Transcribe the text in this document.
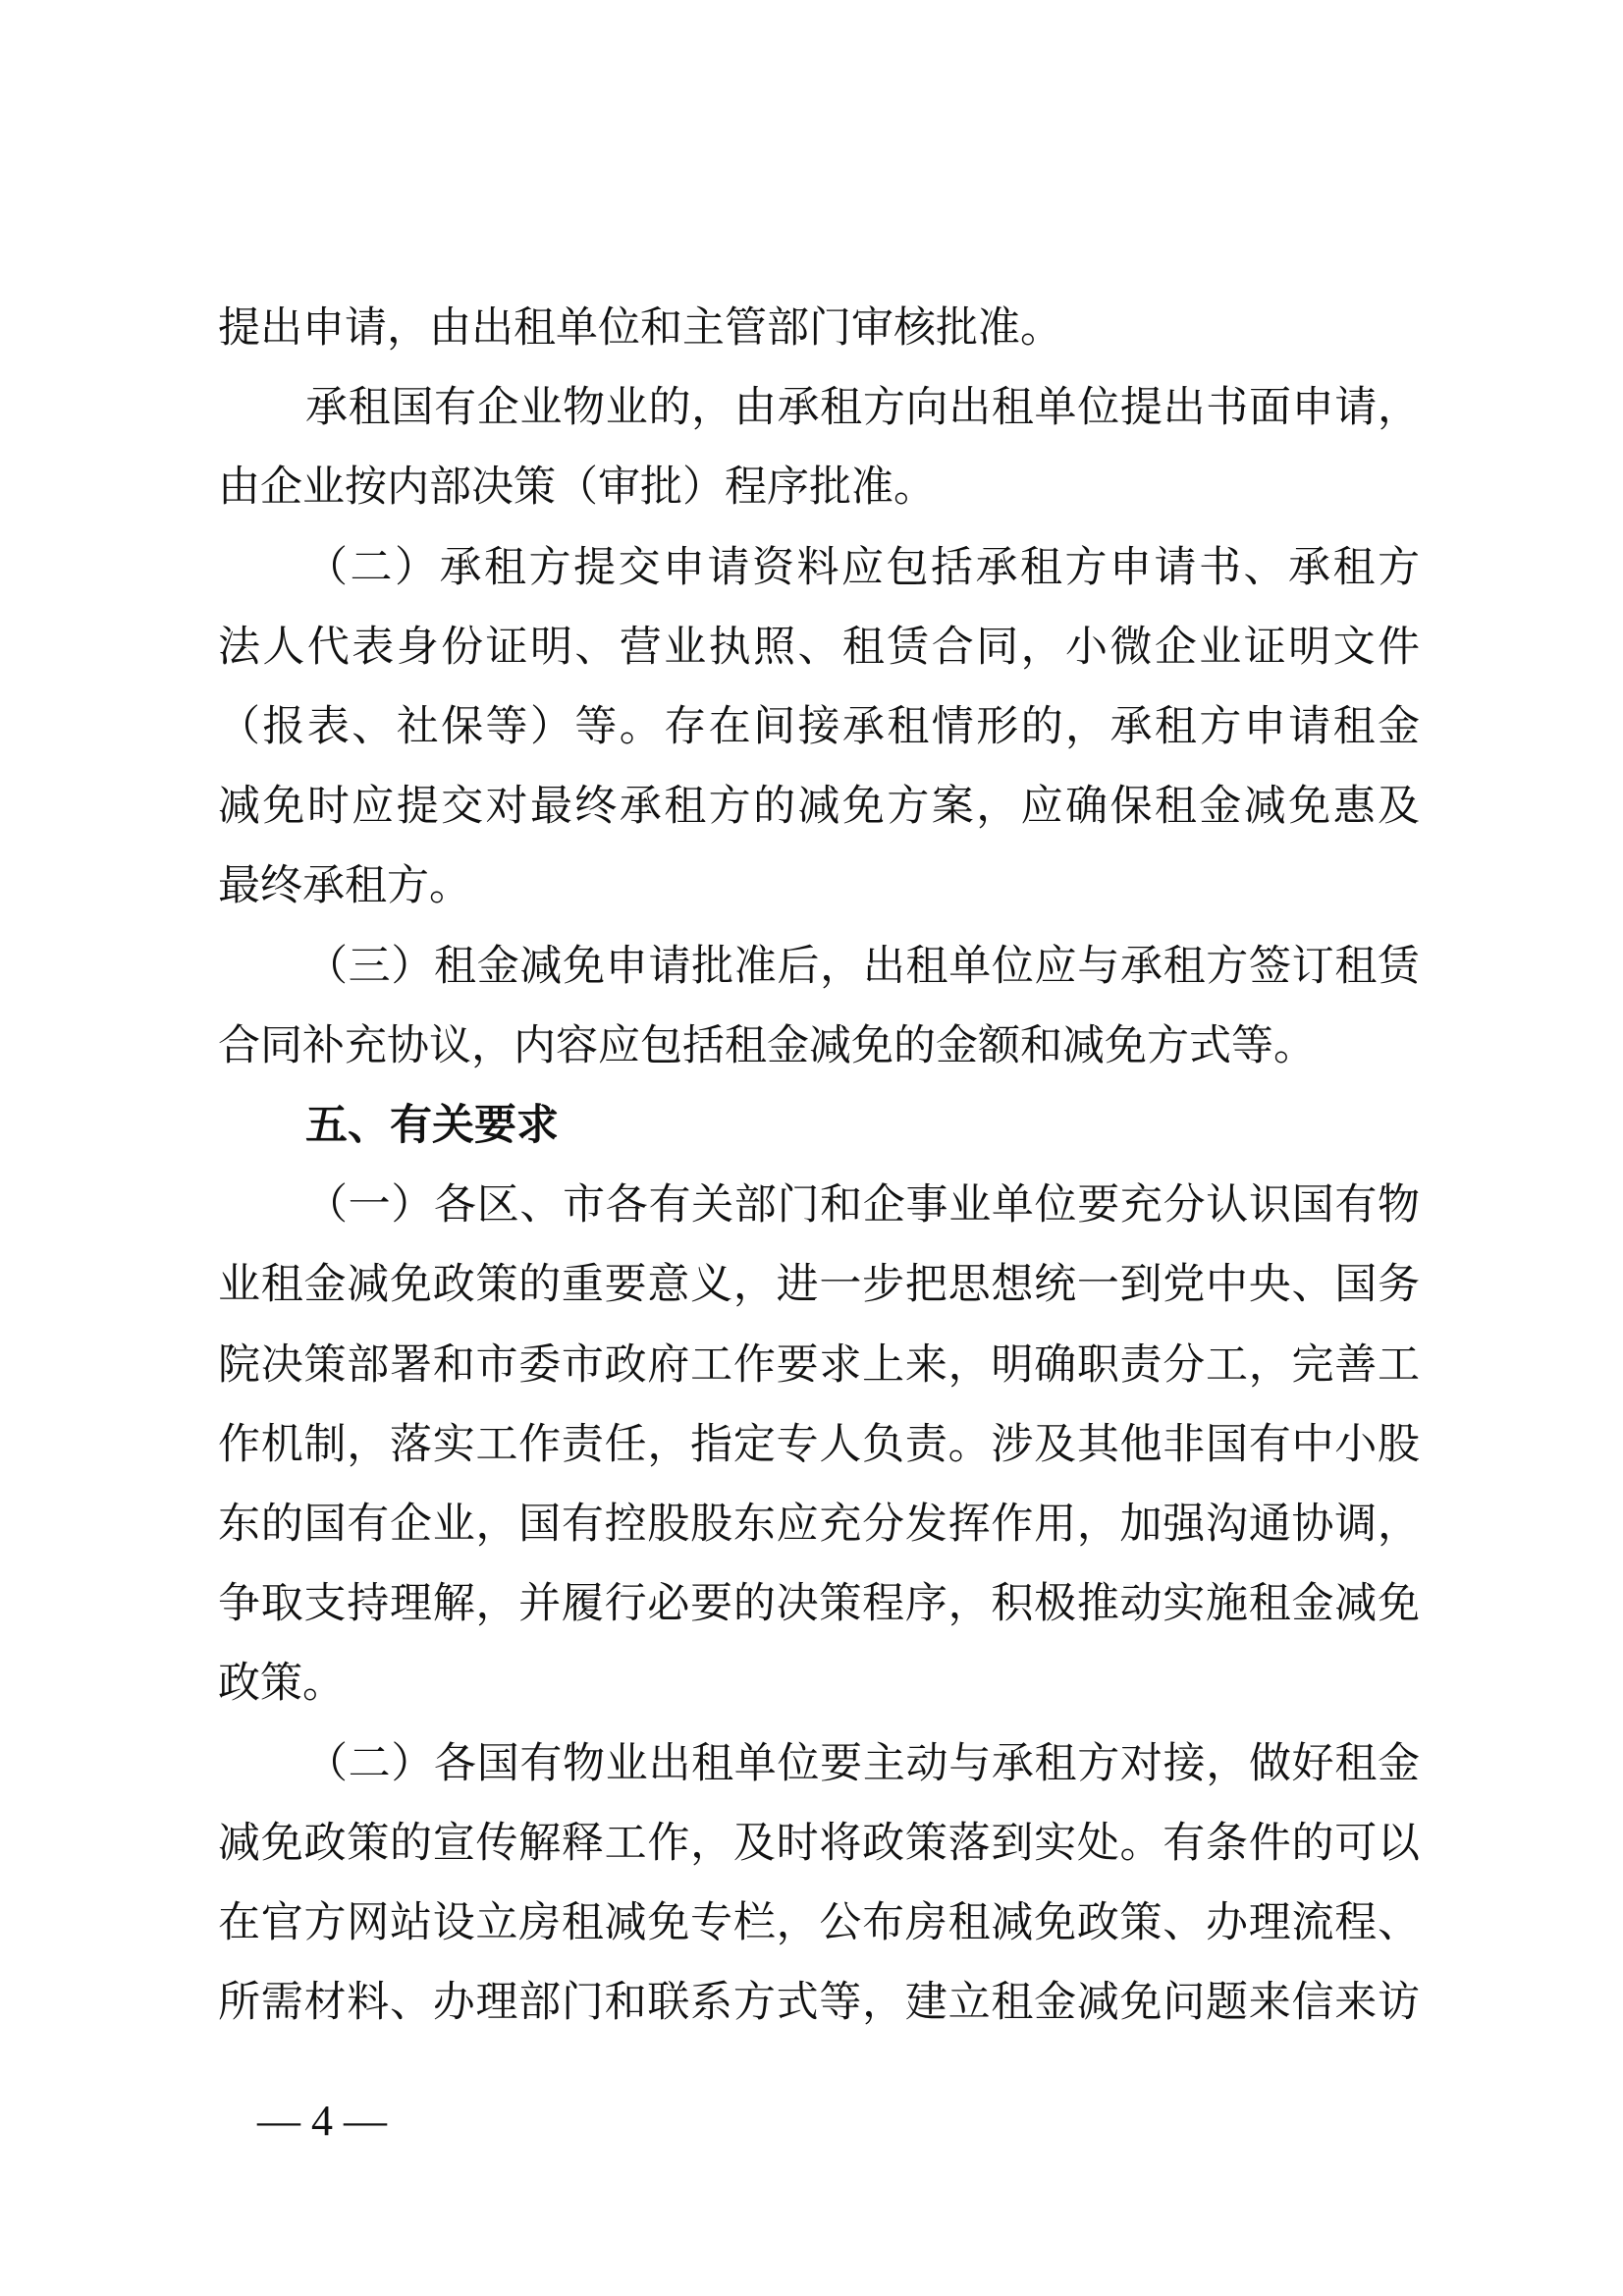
提出申请，由出租单位和主管部门审核批准。
承租国有企业物业的，由承租方向出租单位提出书面申请，
由企业按内部决策（审批）程序批准。
（二）承租方提交申请资料应包括承租方申请书、承租方
法人代表身份证明、营业执照、租赁合同，小微企业证明文件
（报表、社保等）等。存在间接承租情形的，承租方申请租金
减免时应提交对最终承租方的减免方案，应确保租金减免惠及
最终承租方。
（三）租金减免申请批准后，出租单位应与承租方签订租赁
合同补充协议，内容应包括租金减免的金额和减免方式等。
五、有关要求
（一）各区、市各有关部门和企事业单位要充分认识国有物
业租金减免政策的重要意义，进一步把思想统一到党中央、国务
院决策部署和市委市政府工作要求上来，明确职责分工，完善工
作机制，落实工作责任，指定专人负责。涉及其他非国有中小股
东的国有企业，国有控股股东应充分发挥作用，加强沟通协调，
争取支持理解，并履行必要的决策程序，积极推动实施租金减免
政策。
（二）各国有物业出租单位要主动与承租方对接，做好租金
减免政策的宣传解释工作，及时将政策落到实处。有条件的可以
在官方网站设立房租减免专栏，公布房租减免政策、办理流程、
所需材料、办理部门和联系方式等，建立租金减免问题来信来访
— 4 —
